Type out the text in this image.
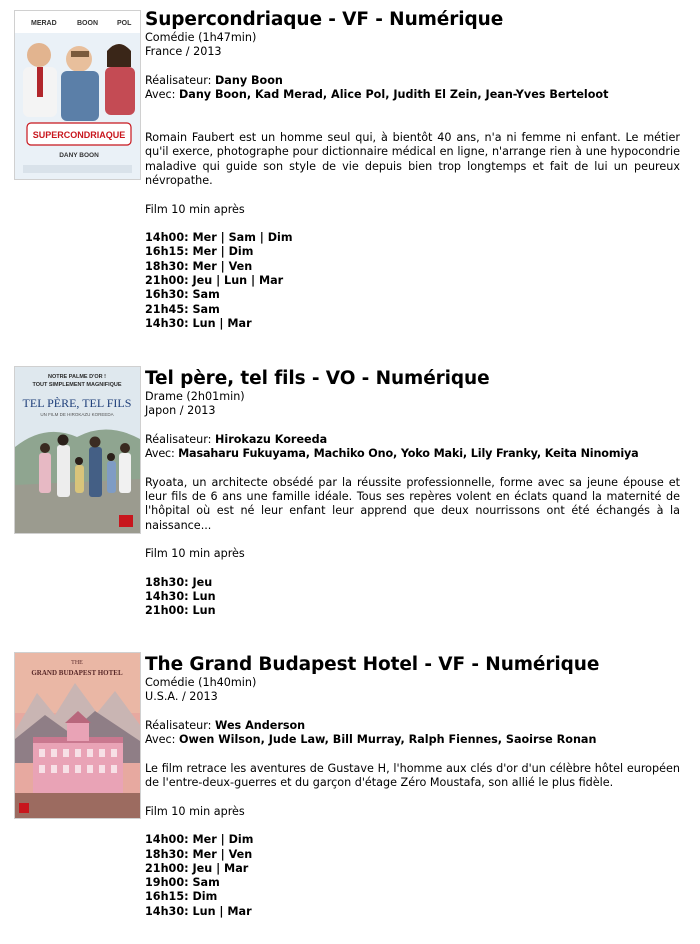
MERAD	BOON	POL
SUPERCONDRIAQUE
DANY BOON
Supercondriaque - VF - Numérique
Comédie (1h47min)
France / 2013
Réalisateur: Dany Boon
Avec: Dany Boon, Kad Merad, Alice Pol, Judith El Zein, Jean-Yves Berteloot

Romain Faubert est un homme seul qui, à bientôt 40 ans, n'a ni femme ni enfant. Le métier qu'il exerce, photographe pour dictionnaire médical en ligne, n'arrange rien à une hypocondrie maladive qui guide son style de vie depuis bien trop longtemps et fait de lui un peureux névropathe.

Film 10 min après
14h00: Mer | Sam | Dim
16h15: Mer | Dim
18h30: Mer | Ven
21h00: Jeu | Lun | Mar
16h30: Sam
21h45: Sam
14h30: Lun | Mar
NOTRE PALME D'OR !
TOUT SIMPLEMENT MAGNIFIQUE
TEL PÈRE, TEL FILS
UN FILM DE HIROKAZU KOREEDA
Tel père, tel fils - VO - Numérique
Drame (2h01min)
Japon / 2013
Réalisateur: Hirokazu Koreeda
Avec: Masaharu Fukuyama, Machiko Ono, Yoko Maki, Lily Franky, Keita Ninomiya

Ryoata, un architecte obsédé par la réussite professionnelle, forme avec sa jeune épouse et leur fils de 6 ans une famille idéale. Tous ses repères volent en éclats quand la maternité de l'hôpital où est né leur enfant leur apprend que deux nourrissons ont été échangés à la naissance...

Film 10 min après
18h30: Jeu
14h30: Lun
21h00: Lun
THE
GRAND BUDAPEST HOTEL The Grand Budapest Hotel - VF - Numérique
Comédie (1h40min)
U.S.A. / 2013
Réalisateur: Wes Anderson
Avec: Owen Wilson, Jude Law, Bill Murray, Ralph Fiennes, Saoirse Ronan

Le film retrace les aventures de Gustave H, l'homme aux clés d'or d'un célèbre hôtel européen de l'entre-deux-guerres et du garçon d'étage Zéro Moustafa, son allié le plus fidèle.

Film 10 min après
14h00: Mer | Dim
18h30: Mer | Ven
21h00: Jeu | Mar
19h00: Sam
16h15: Dim
14h30: Lun | Mar
